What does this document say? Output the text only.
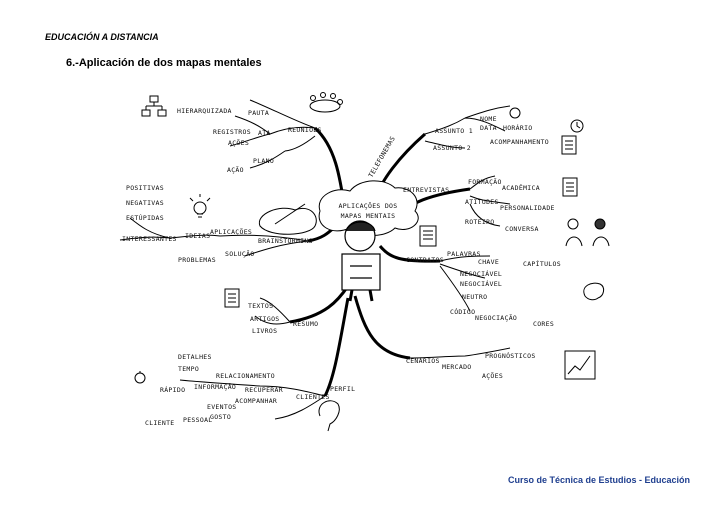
EDUCACIÓN A DISTANCIA
6.-Aplicación de dos mapas mentales
APLICAÇÕES DOS
MAPAS MENTAIS
HIERARQUIZADA PAUTA
REGISTROS
AÇÕES
ATA	REUNIÕES
PLANO
AÇÃO
POSITIVAS
NEGATIVAS
ESTÚPIDAS
INTERESSANTES IDEIAS APLICAÇÕES
BRAINSTORMING
PROBLEMAS
SOLUÇÃO
TELEFONEMAS
ASSUNTO 1
ASSUNTO 2
NOME
DATA HORÁRIO
ACOMPANHAMENTO
ENTREVISTAS
FORMAÇÃO
ACADÊMICA
ATITUDES
PERSONALIDADE
ROTEIRO
CONVERSA
CONTRATOS
PALAVRAS
CHAVE	CAPÍTULOS
NEGOCIÁVEL
NEGOCIÁVEL
NEUTRO
CÓDIGO
NEGOCIAÇÃO
CORES
TEXTOS
ARTIGOS
LIVROS
RESUMO
CENÁRIOS
MERCADO
PROGNÓSTICOS
AÇÕES
DETALHES
TEMPO
RELACIONAMENTO
RÁPIDO INFORMAÇÃO RECUPERAR
CLIENTES
PERFIL
ACOMPANHAR
EVENTOS
GOSTO
CLIENTE PESSOAL
Curso de Técnica de Estudios - Educación
